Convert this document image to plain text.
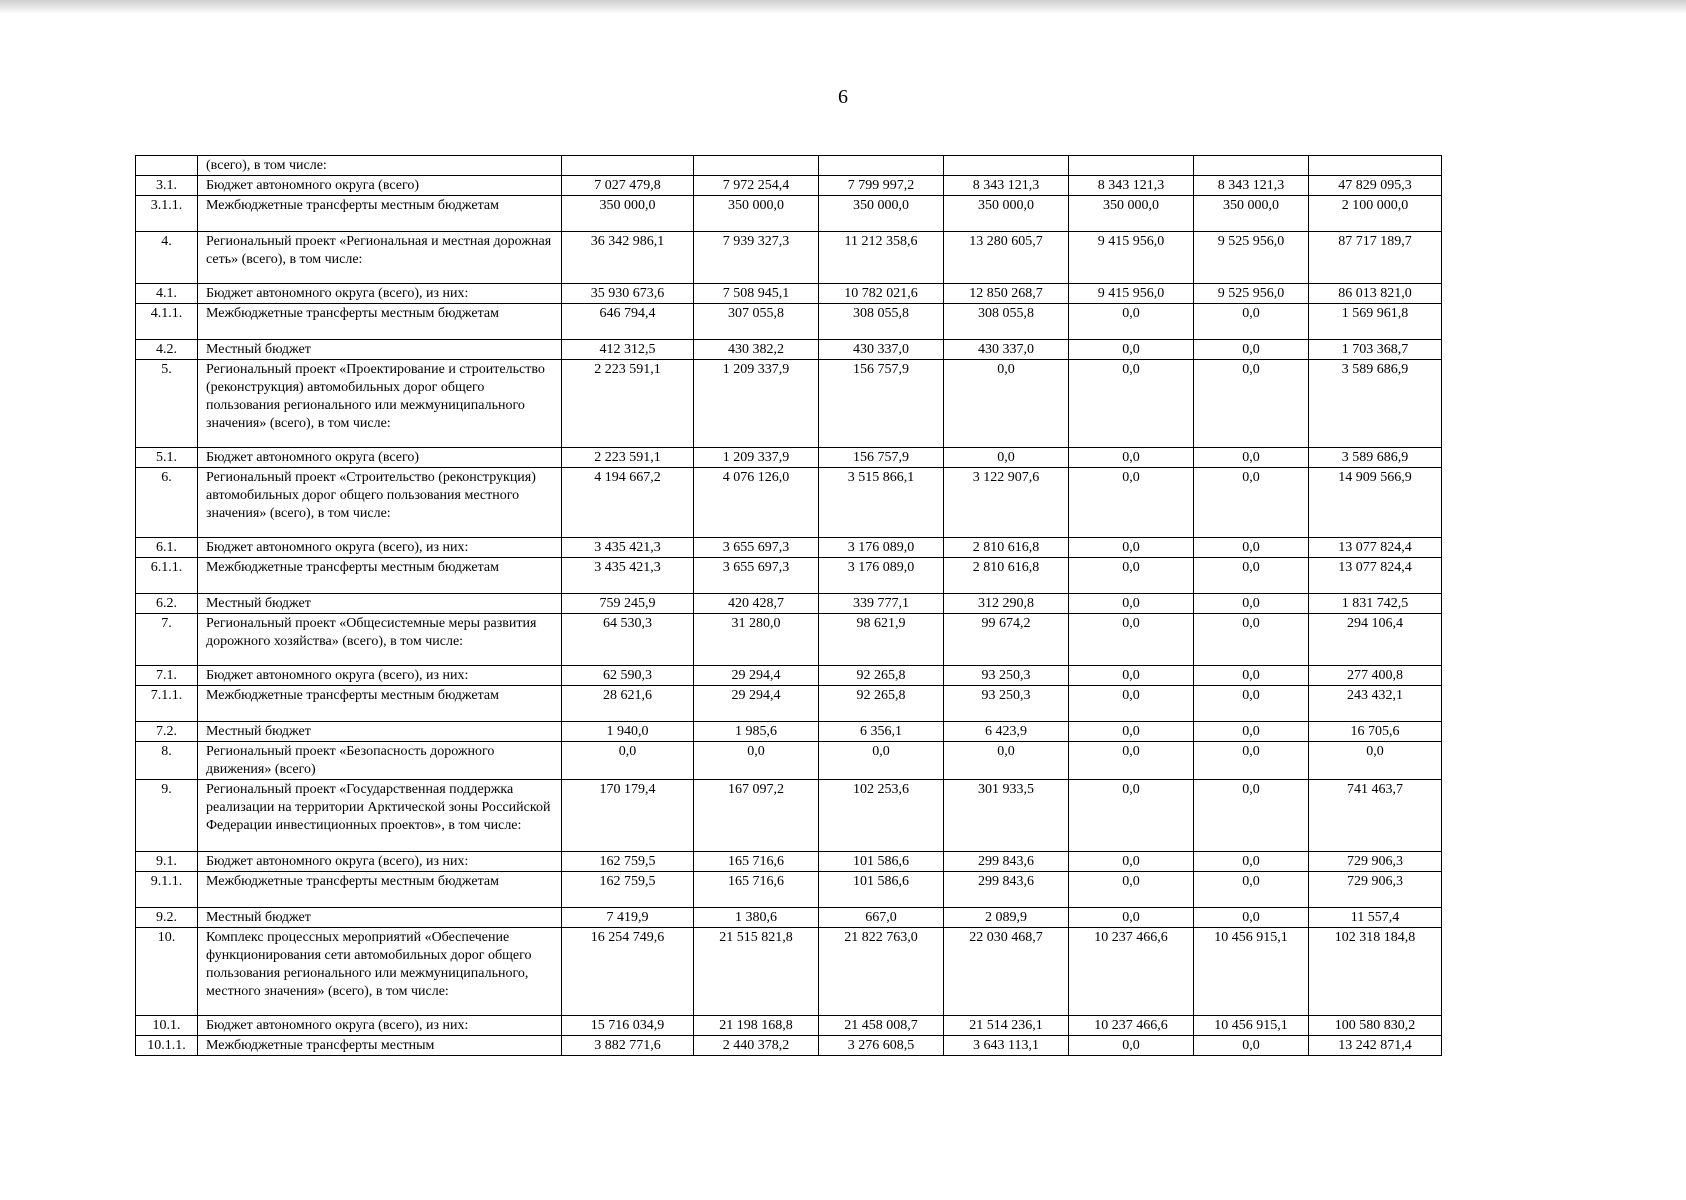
6
	(всего), в том числе:							
3.1.	Бюджет автономного округа (всего)	7 027 479,8	7 972 254,4	7 799 997,2	8 343 121,3	8 343 121,3	8 343 121,3	47 829 095,3
3.1.1.	Межбюджетные трансферты местным бюджетам	350 000,0	350 000,0	350 000,0	350 000,0	350 000,0	350 000,0	2 100 000,0
4.	Региональный проект «Региональная и местная дорожная сеть» (всего), в том числе:	36 342 986,1	7 939 327,3	11 212 358,6	13 280 605,7	9 415 956,0	9 525 956,0	87 717 189,7
4.1.	Бюджет автономного округа (всего), из них:	35 930 673,6	7 508 945,1	10 782 021,6	12 850 268,7	9 415 956,0	9 525 956,0	86 013 821,0
4.1.1.	Межбюджетные трансферты местным бюджетам	646 794,4	307 055,8	308 055,8	308 055,8	0,0	0,0	1 569 961,8
4.2.	Местный бюджет	412 312,5	430 382,2	430 337,0	430 337,0	0,0	0,0	1 703 368,7
5.	Региональный проект «Проектирование и строительство (реконструкция) автомобильных дорог общего пользования регионального или межмуниципального значения» (всего), в том числе:	2 223 591,1	1 209 337,9	156 757,9	0,0	0,0	0,0	3 589 686,9
5.1.	Бюджет автономного округа (всего)	2 223 591,1	1 209 337,9	156 757,9	0,0	0,0	0,0	3 589 686,9
6.	Региональный проект «Строительство (реконструкция) автомобильных дорог общего пользования местного значения» (всего), в том числе:	4 194 667,2	4 076 126,0	3 515 866,1	3 122 907,6	0,0	0,0	14 909 566,9
6.1.	Бюджет автономного округа (всего), из них:	3 435 421,3	3 655 697,3	3 176 089,0	2 810 616,8	0,0	0,0	13 077 824,4
6.1.1.	Межбюджетные трансферты местным бюджетам	3 435 421,3	3 655 697,3	3 176 089,0	2 810 616,8	0,0	0,0	13 077 824,4
6.2.	Местный бюджет	759 245,9	420 428,7	339 777,1	312 290,8	0,0	0,0	1 831 742,5
7.	Региональный проект «Общесистемные меры развития дорожного хозяйства» (всего), в том числе:	64 530,3	31 280,0	98 621,9	99 674,2	0,0	0,0	294 106,4
7.1.	Бюджет автономного округа (всего), из них:	62 590,3	29 294,4	92 265,8	93 250,3	0,0	0,0	277 400,8
7.1.1.	Межбюджетные трансферты местным бюджетам	28 621,6	29 294,4	92 265,8	93 250,3	0,0	0,0	243 432,1
7.2.	Местный бюджет	1 940,0	1 985,6	6 356,1	6 423,9	0,0	0,0	16 705,6
8.	Региональный проект «Безопасность дорожного движения» (всего)	0,0	0,0	0,0	0,0	0,0	0,0	0,0
9.	Региональный проект «Государственная поддержка реализации на территории Арктической зоны Российской Федерации инвестиционных проектов», в том числе:	170 179,4	167 097,2	102 253,6	301 933,5	0,0	0,0	741 463,7
9.1.	Бюджет автономного округа (всего), из них:	162 759,5	165 716,6	101 586,6	299 843,6	0,0	0,0	729 906,3
9.1.1.	Межбюджетные трансферты местным бюджетам	162 759,5	165 716,6	101 586,6	299 843,6	0,0	0,0	729 906,3
9.2.	Местный бюджет	7 419,9	1 380,6	667,0	2 089,9	0,0	0,0	11 557,4
10.	Комплекс процессных мероприятий «Обеспечение функционирования сети автомобильных дорог общего пользования регионального или межмуниципального, местного значения» (всего), в том числе:	16 254 749,6	21 515 821,8	21 822 763,0	22 030 468,7	10 237 466,6	10 456 915,1	102 318 184,8
10.1.	Бюджет автономного округа (всего), из них:	15 716 034,9	21 198 168,8	21 458 008,7	21 514 236,1	10 237 466,6	10 456 915,1	100 580 830,2
10.1.1.	Межбюджетные трансферты местным	3 882 771,6	2 440 378,2	3 276 608,5	3 643 113,1	0,0	0,0	13 242 871,4
